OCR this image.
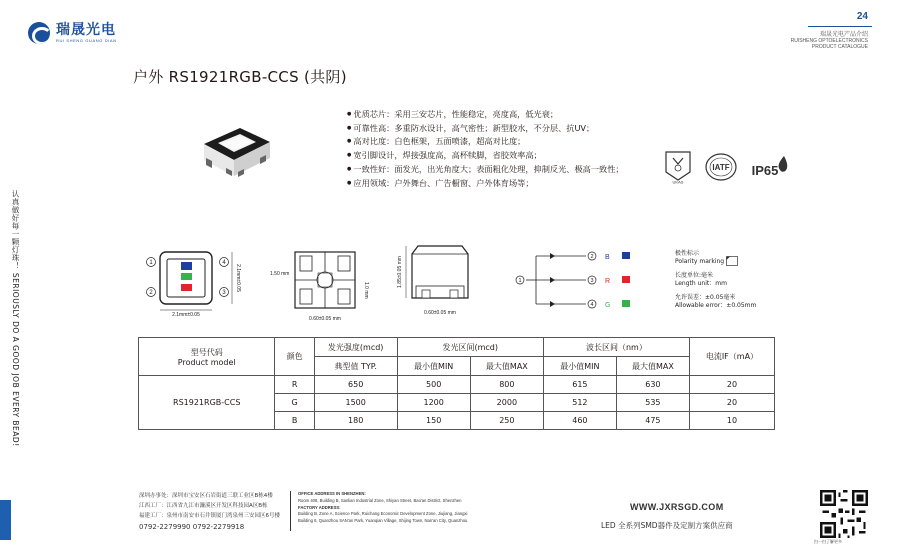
瑞晟光电
RUI SHENG GUANG DIAN
24
瑞晟光电产品介绍
RUISHENG OPTOELECTRONICS
PRODUCT CATALOGUE
认真做好每一颗灯珠！ SERIOUSLY DO A GOOD JOB EVERY BEAD!
户外 RS1921RGB-CCS (共阴)
● 优质芯片：采用三安芯片，性能稳定，亮度高，低光衰；
● 可靠性高：多重防水设计，高气密性；新型胶水，不分层、抗UV；
● 高对比度：白色框架，五面喷漆，超高对比度；
● 宽引脚设计，焊接强度高，高杯犊脚，省胶效率高；
● 一致性好：面发光，出光角度大；表面粗化处理，抑制反光、极高一致性；
● 应用领域：户外舞台、广告橱窗、户外体育场等；	UKAS
IATF IP65
1
2	3
4
2.1mm±0.05
2.1mm±0.05	1.50 mm
1.0 mm
0.60±0.05 mm
1.85±0.05 mm
0.60±0.05 mm
1
2
3
4
B
R
G
极性标示
Polarity marking
长度单位:毫米
Length unit：mm
允许误差：±0.05毫米
Allowable error：±0.05mm
型号代码
Product model	颜色	发光强度(mcd)	发光区间(mcd)		波长区间（nm）		电流IF（mA）
		典型值 TYP.	最小值MIN	最大值MAX	最小值MIN	最大值MAX	
RS1921RGB-CCS	R	650	500	800	615	630	20
	G	1500	1200	2000	512	535	20
	B	180	150	250	460	475	10
深圳办事处：深圳市宝安区石岩街道三联工业区B栋4楼
江西工厂：江西省九江市濂溪区开发区科技园A区B栋
福建工厂：泉州市南安市石井镇厦门湾泉州三安园区6号楼
0792-2279990 0792-2279918
OFFICE ADDRESS IN SHENZHEN:
Room 408, Building B, Sanlian Industrial Zone, Shiyan Street, Bao'an District, Shenzhen
FACTORY ADDRESS:
Building B, Zone A, Science Park, Ruichang Economic Development Zone, Jiujiang, Jiangxi
Building 6, Quanzhou SAN'an Park, Yuanqian Village, Shijing Town, Nan'an City, Quanzhou
WWW.JXRSGD.COM
LED 全系列SMD器件及定制方案供应商
扫一扫了解更多
